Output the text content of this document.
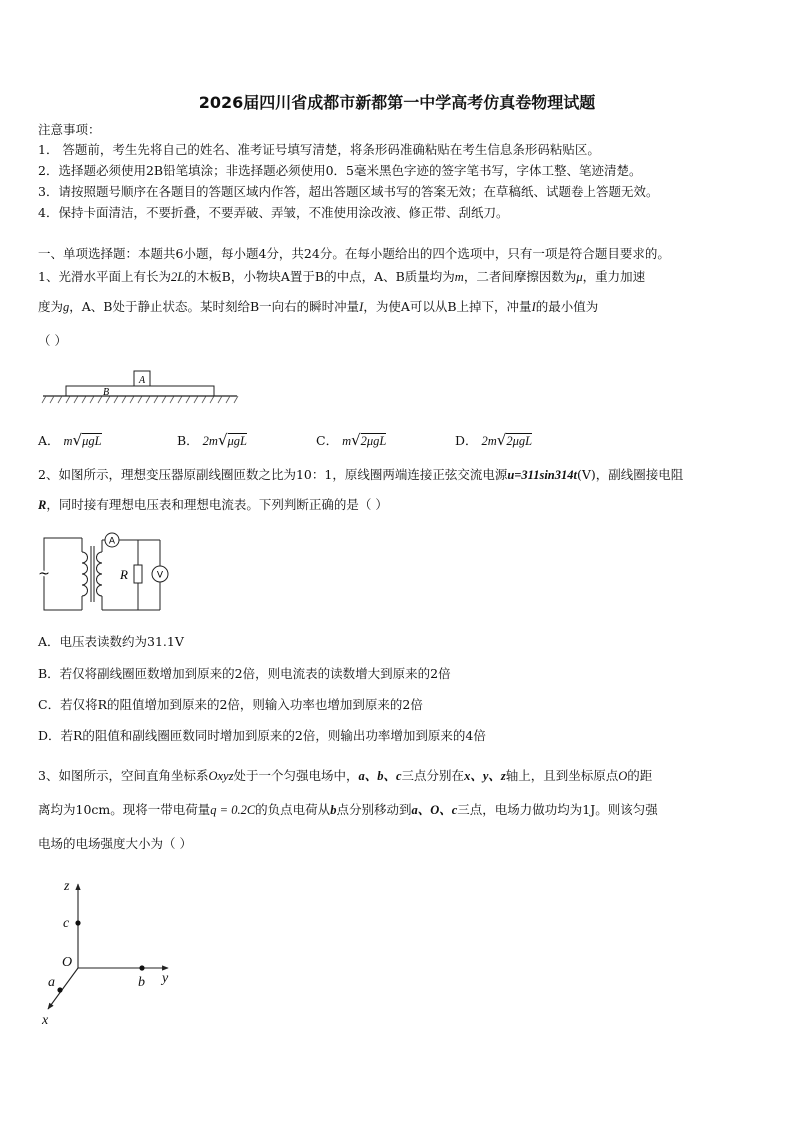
2026届四川省成都市新都第一中学高考仿真卷物理试题
注意事项：
1． 答题前，考生先将自己的姓名、准考证号填写清楚，将条形码准确粘贴在考生信息条形码粘贴区。
2．选择题必须使用2B铅笔填涂；非选择题必须使用0．5毫米黑色字迹的签字笔书写，字体工整、笔迹清楚。
3．请按照题号顺序在各题目的答题区域内作答，超出答题区域书写的答案无效；在草稿纸、试题卷上答题无效。
4．保持卡面清洁，不要折叠，不要弄破、弄皱，不准使用涂改液、修正带、刮纸刀。
一、单项选择题：本题共6小题，每小题4分，共24分。在每小题给出的四个选项中，只有一项是符合题目要求的。
1、光滑水平面上有长为2L的木板B，小物块A置于B的中点，A、B质量均为m，二者间摩擦因数为μ，重力加速
度为g，A、B处于静止状态。某时刻给B一向右的瞬时冲量I，为使A可以从B上掉下，冲量I的最小值为
（ ）
A
B
A． m√μgL	B． 2m√μgL	C． m√2μgL	D． 2m√2μgL
2、如图所示，理想变压器原副线圈匝数之比为10：1，原线圈两端连接正弦交流电源u=311sin314t(V)，副线圈接电阻
R，同时接有理想电压表和理想电流表。下列判断正确的是（ ）
~
A
R	V
A．电压表读数约为31.1V
B．若仅将副线圈匝数增加到原来的2倍，则电流表的读数增大到原来的2倍
C．若仅将R的阻值增加到原来的2倍，则输入功率也增加到原来的2倍
D．若R的阻值和副线圈匝数同时增加到原来的2倍，则输出功率增加到原来的4倍
3、如图所示，空间直角坐标系Oxyz处于一个匀强电场中，a、b、c三点分别在x、y、z轴上，且到坐标原点O的距
离均为10cm。现将一带电荷量q = 0.2C的负点电荷从b点分别移动到a、O、c三点，电场力做功均为1J。则该匀强
电场的电场强度大小为（ ）
z
c
O
a	b y
x
